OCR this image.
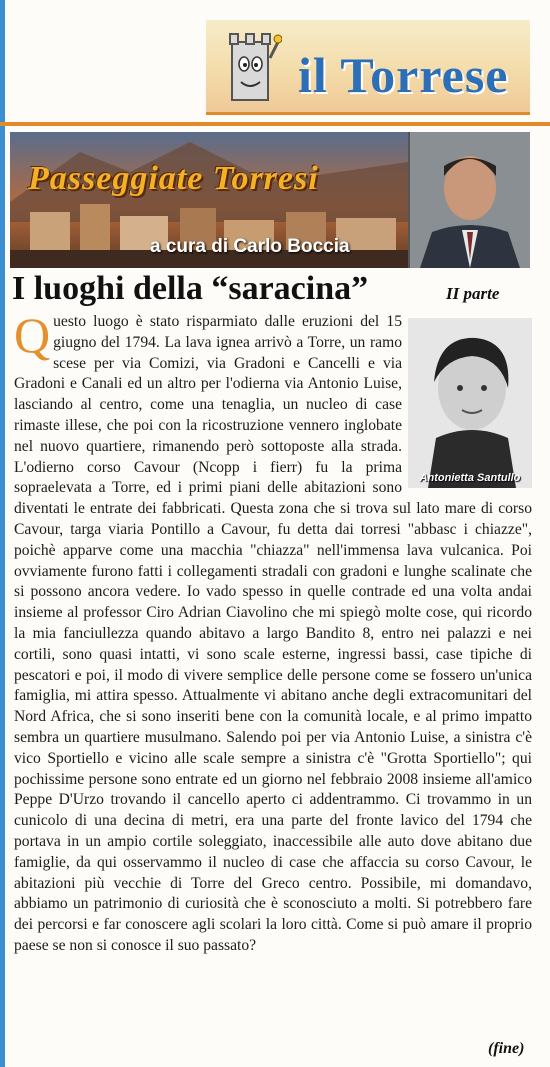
il Torrese
Passeggiate Torresi
a cura di Carlo Boccia
I luoghi della “saracina”	II parte
Antonietta Santullo
Q uesto luogo è stato risparmiato dalle eruzioni del 15 giugno del 1794. La lava ignea arrivò a Torre, un ramo scese per via Comizi, via Gradoni e Cancelli e via Gradoni e Canali ed un altro per l'odierna via Antonio Luise, lasciando al centro, come una tenaglia, un nucleo di case rimaste illese, che poi con la ricostruzione vennero inglobate nel nuovo quartiere, rimanendo però sottoposte alla strada. L'odierno corso Cavour (Ncopp i fierr) fu la prima sopraelevata a Torre, ed i primi piani delle abitazioni sono diventati le entrate dei fabbricati. Questa zona che si trova sul lato mare di corso Cavour, targa viaria Pontillo a Cavour, fu detta dai torresi "abbasc i chiazze", poichè apparve come una macchia "chiazza" nell'immensa lava vulcanica. Poi ovviamente furono fatti i collegamenti stradali con gradoni e lunghe scalinate che si possono ancora vedere. Io vado spesso in quelle contrade ed una volta andai insieme al professor Ciro Adrian Ciavolino che mi spiegò molte cose, qui ricordo la mia fanciullezza quando abitavo a largo Bandito 8, entro nei palazzi e nei cortili, sono quasi intatti, vi sono scale esterne, ingressi bassi, case tipiche di pescatori e poi, il modo di vivere semplice delle persone come se fossero un'unica famiglia, mi attira spesso. Attualmente vi abitano anche degli extracomunitari del Nord Africa, che si sono inseriti bene con la comunità locale, e al primo impatto sembra un quartiere musulmano. Salendo poi per via Antonio Luise, a sinistra c'è vico Sportiello e vicino alle scale sempre a sinistra c'è "Grotta Sportiello"; qui pochissime persone sono entrate ed un giorno nel febbraio 2008 insieme all'amico Peppe D'Urzo trovando il cancello aperto ci addentrammo. Ci trovammo in un cunicolo di una decina di metri, era una parte del fronte lavico del 1794 che portava in un ampio cortile soleggiato, inaccessibile alle auto dove abitano due famiglie, da qui osservammo il nucleo di case che affaccia su corso Cavour, le abitazioni più vecchie di Torre del Greco centro. Possibile, mi domandavo, abbiamo un patrimonio di curiosità che è sconosciuto a molti. Si potrebbero fare dei percorsi e far conoscere agli scolari la loro città. Come si può amare il proprio paese se non si conosce il suo passato?
(fine)
